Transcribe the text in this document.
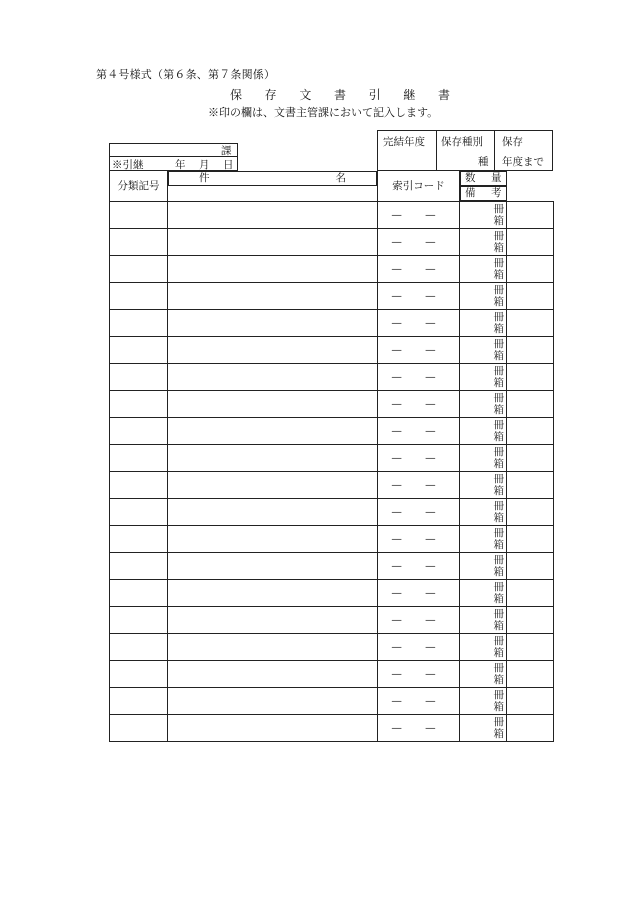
第４号様式（第６条、第７条関係）
保 存 文 書 引 継 書
※印の欄は、文書主管課において記入します。
課
※引継	年 月 日
完結年度 保存種別
種
保存
年度まで
分類記号	
件	名
索引コード	
数 量
備 考

		— —	冊
箱	

		— —	冊
箱	

		— —	冊
箱	

		— —	冊
箱	

		— —	冊
箱	

		— —	冊
箱	

		— —	冊
箱	

		— —	冊
箱	

		— —	冊
箱	

		— —	冊
箱	

		— —	冊
箱	

		— —	冊
箱	

		— —	冊
箱	

		— —	冊
箱	

		— —	冊
箱	

		— —	冊
箱	

		— —	冊
箱	

		— —	冊
箱	

		— —	冊
箱	

		— —	冊
箱	
